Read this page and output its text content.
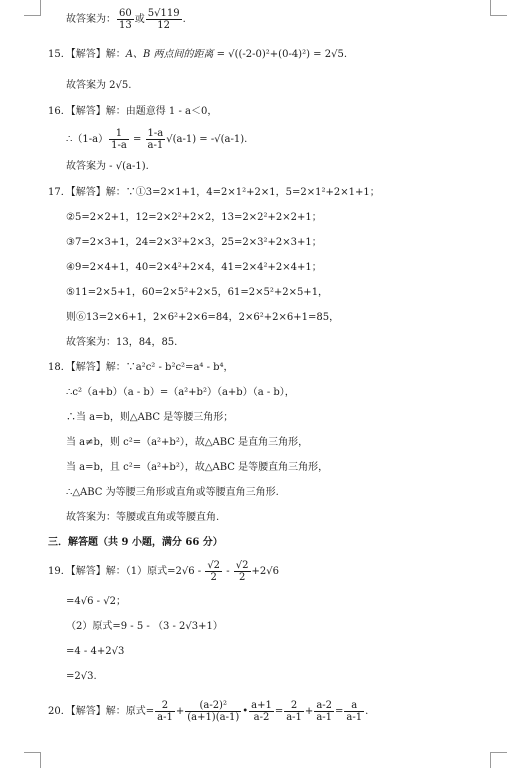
故答案为： $\frac{60}{13}$ 或 $\frac{5√119}{12}$ .
15．【解答】解：A、B 两点间的距离 = √((-2-0)²+(0-4)²) = 2√5.
故答案为 2√5.
16．【解答】解：由题意得 1 - a＜0，
∴（1-a） $\frac{1}{1-a} = \frac{1-a}{a-1} √(a-1) = -√(a-1)$.
故答案为 - √(a-1).
17．【解答】解：∵①3=2×1+1，4=2×1²+2×1，5=2×1²+2×1+1；
②5=2×2+1，12=2×2²+2×2，13=2×2²+2×2+1；
③7=2×3+1，24=2×3²+2×3，25=2×3²+2×3+1；
④9=2×4+1，40=2×4²+2×4，41=2×4²+2×4+1；
⑤11=2×5+1，60=2×5²+2×5，61=2×5²+2×5+1，
则⑥13=2×6+1，2×6²+2×6=84，2×6²+2×6+1=85，
故答案为：13，84，85.
18．【解答】解：∵a²c² - b²c²=a⁴ - b⁴，
∴c²（a+b）（a - b）=（a²+b²）（a+b）（a - b），
∴当 a=b，则△ABC 是等腰三角形；
当 a≠b，则 c²=（a²+b²），故△ABC 是直角三角形，
当 a=b，且 c²=（a²+b²），故△ABC 是等腰直角三角形，
∴△ABC 为等腰三角形或直角或等腰直角三角形.
故答案为：等腰或直角或等腰直角.
三．解答题（共 9 小题，满分 66 分）
19．【解答】解：（1）原式$=2√6 - \frac{√2}{2} - \frac{√2}{2} +2√6$
=4√6 - √2；
（2）原式=9 - 5 - （3 - 2√3+1）
=4 - 4+2√3
=2√3.
20．【解答】解：原式= $\frac{2}{a-1} + \frac{\text{(a-2)²}}{(a+1)(a-1)}$ • $\frac{a+1}{a-2} = \frac{2}{a-1} + \frac{a-2}{a-1} = \frac{a}{a-1}$ .
